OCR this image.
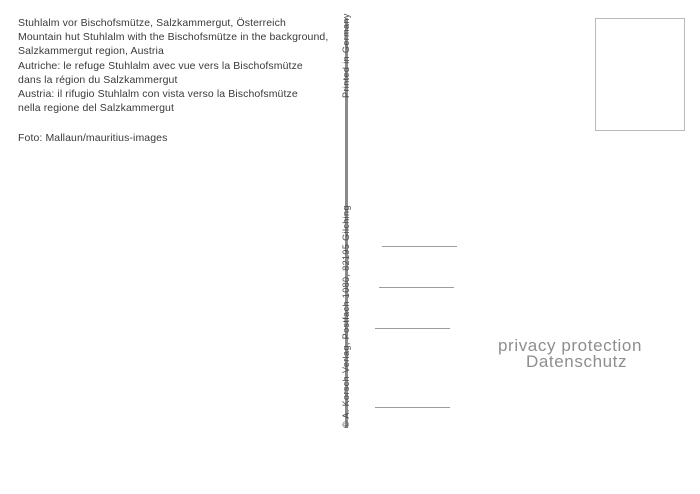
Stuhlalm vor Bischofsmütze, Salzkammergut, Österreich
Mountain hut Stuhlalm with the Bischofsmütze in the background,
Salzkammergut region, Austria
Autriche: le refuge Stuhlalm avec vue vers la Bischofsmütze
dans la région du Salzkammergut
Austria: il rifugio Stuhlalm con vista verso la Bischofsmütze
nella regione del Salzkammergut
Foto: Mallaun/mauritius-images
Printed in Germany
© A. Korsch Verlag, Postfach 1080, 82195 Gilching	privacy protection
Datenschutz
